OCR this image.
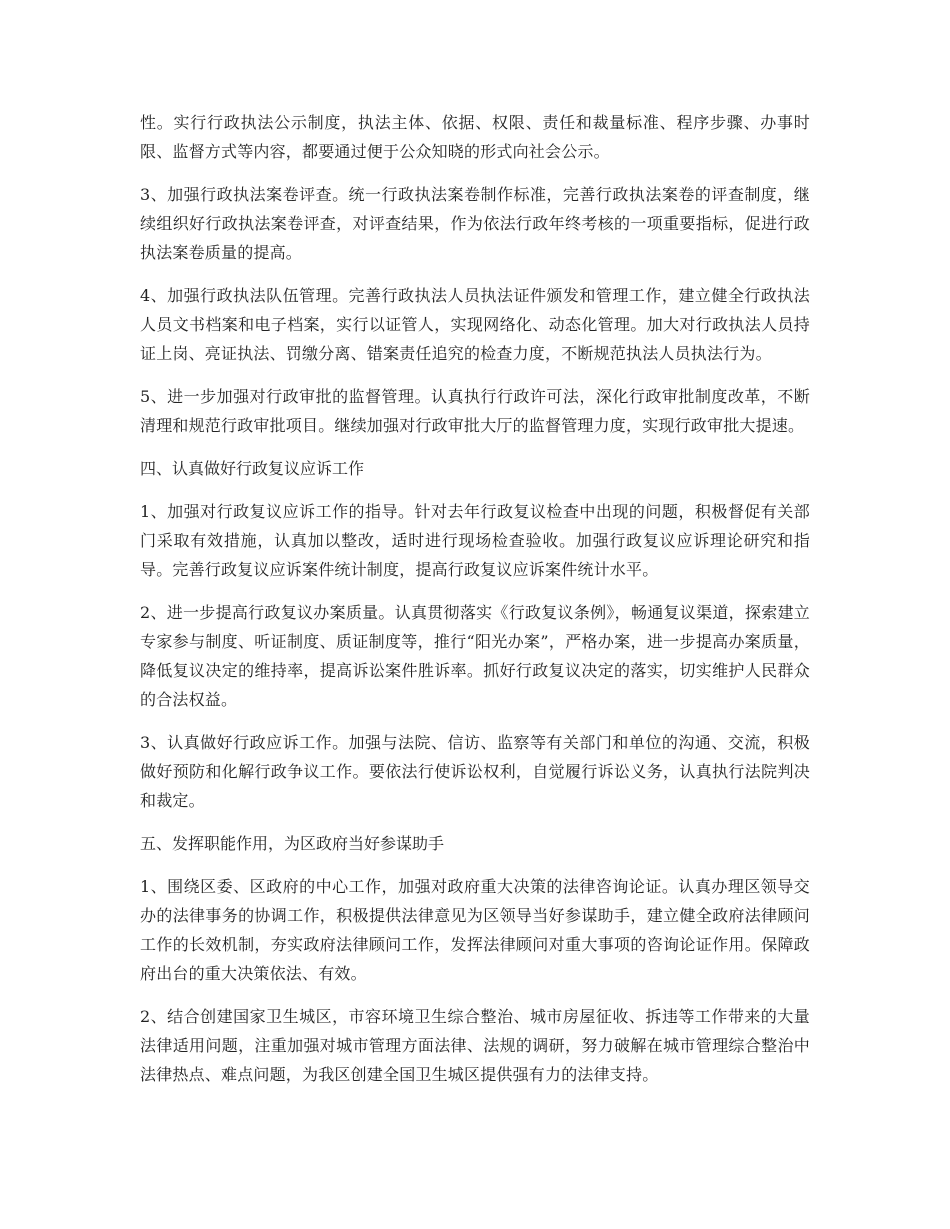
性。实行行政执法公示制度，执法主体、依据、权限、责任和裁量标准、程序步骤、办事时限、监督方式等内容，都要通过便于公众知晓的形式向社会公示。

3、加强行政执法案卷评查。统一行政执法案卷制作标准，完善行政执法案卷的评查制度，继续组织好行政执法案卷评查，对评查结果，作为依法行政年终考核的一项重要指标，促进行政执法案卷质量的提高。

4、加强行政执法队伍管理。完善行政执法人员执法证件颁发和管理工作，建立健全行政执法人员文书档案和电子档案，实行以证管人，实现网络化、动态化管理。加大对行政执法人员持证上岗、亮证执法、罚缴分离、错案责任追究的检查力度，不断规范执法人员执法行为。

5、进一步加强对行政审批的监督管理。认真执行行政许可法，深化行政审批制度改革，不断清理和规范行政审批项目。继续加强对行政审批大厅的监督管理力度，实现行政审批大提速。

四、认真做好行政复议应诉工作

1、加强对行政复议应诉工作的指导。针对去年行政复议检查中出现的问题，积极督促有关部门采取有效措施，认真加以整改，适时进行现场检查验收。加强行政复议应诉理论研究和指导。完善行政复议应诉案件统计制度，提高行政复议应诉案件统计水平。

2、进一步提高行政复议办案质量。认真贯彻落实《行政复议条例》，畅通复议渠道，探索建立专家参与制度、听证制度、质证制度等，推行“阳光办案”，严格办案，进一步提高办案质量，降低复议决定的维持率，提高诉讼案件胜诉率。抓好行政复议决定的落实，切实维护人民群众的合法权益。

3、认真做好行政应诉工作。加强与法院、信访、监察等有关部门和单位的沟通、交流，积极做好预防和化解行政争议工作。要依法行使诉讼权利，自觉履行诉讼义务，认真执行法院判决和裁定。

五、发挥职能作用，为区政府当好参谋助手

1、围绕区委、区政府的中心工作，加强对政府重大决策的法律咨询论证。认真办理区领导交办的法律事务的协调工作，积极提供法律意见为区领导当好参谋助手，建立健全政府法律顾问工作的长效机制，夯实政府法律顾问工作，发挥法律顾问对重大事项的咨询论证作用。保障政府出台的重大决策依法、有效。

2、结合创建国家卫生城区，市容环境卫生综合整治、城市房屋征收、拆违等工作带来的大量法律适用问题，注重加强对城市管理方面法律、法规的调研，努力破解在城市管理综合整治中法律热点、难点问题，为我区创建全国卫生城区提供强有力的法律支持。
